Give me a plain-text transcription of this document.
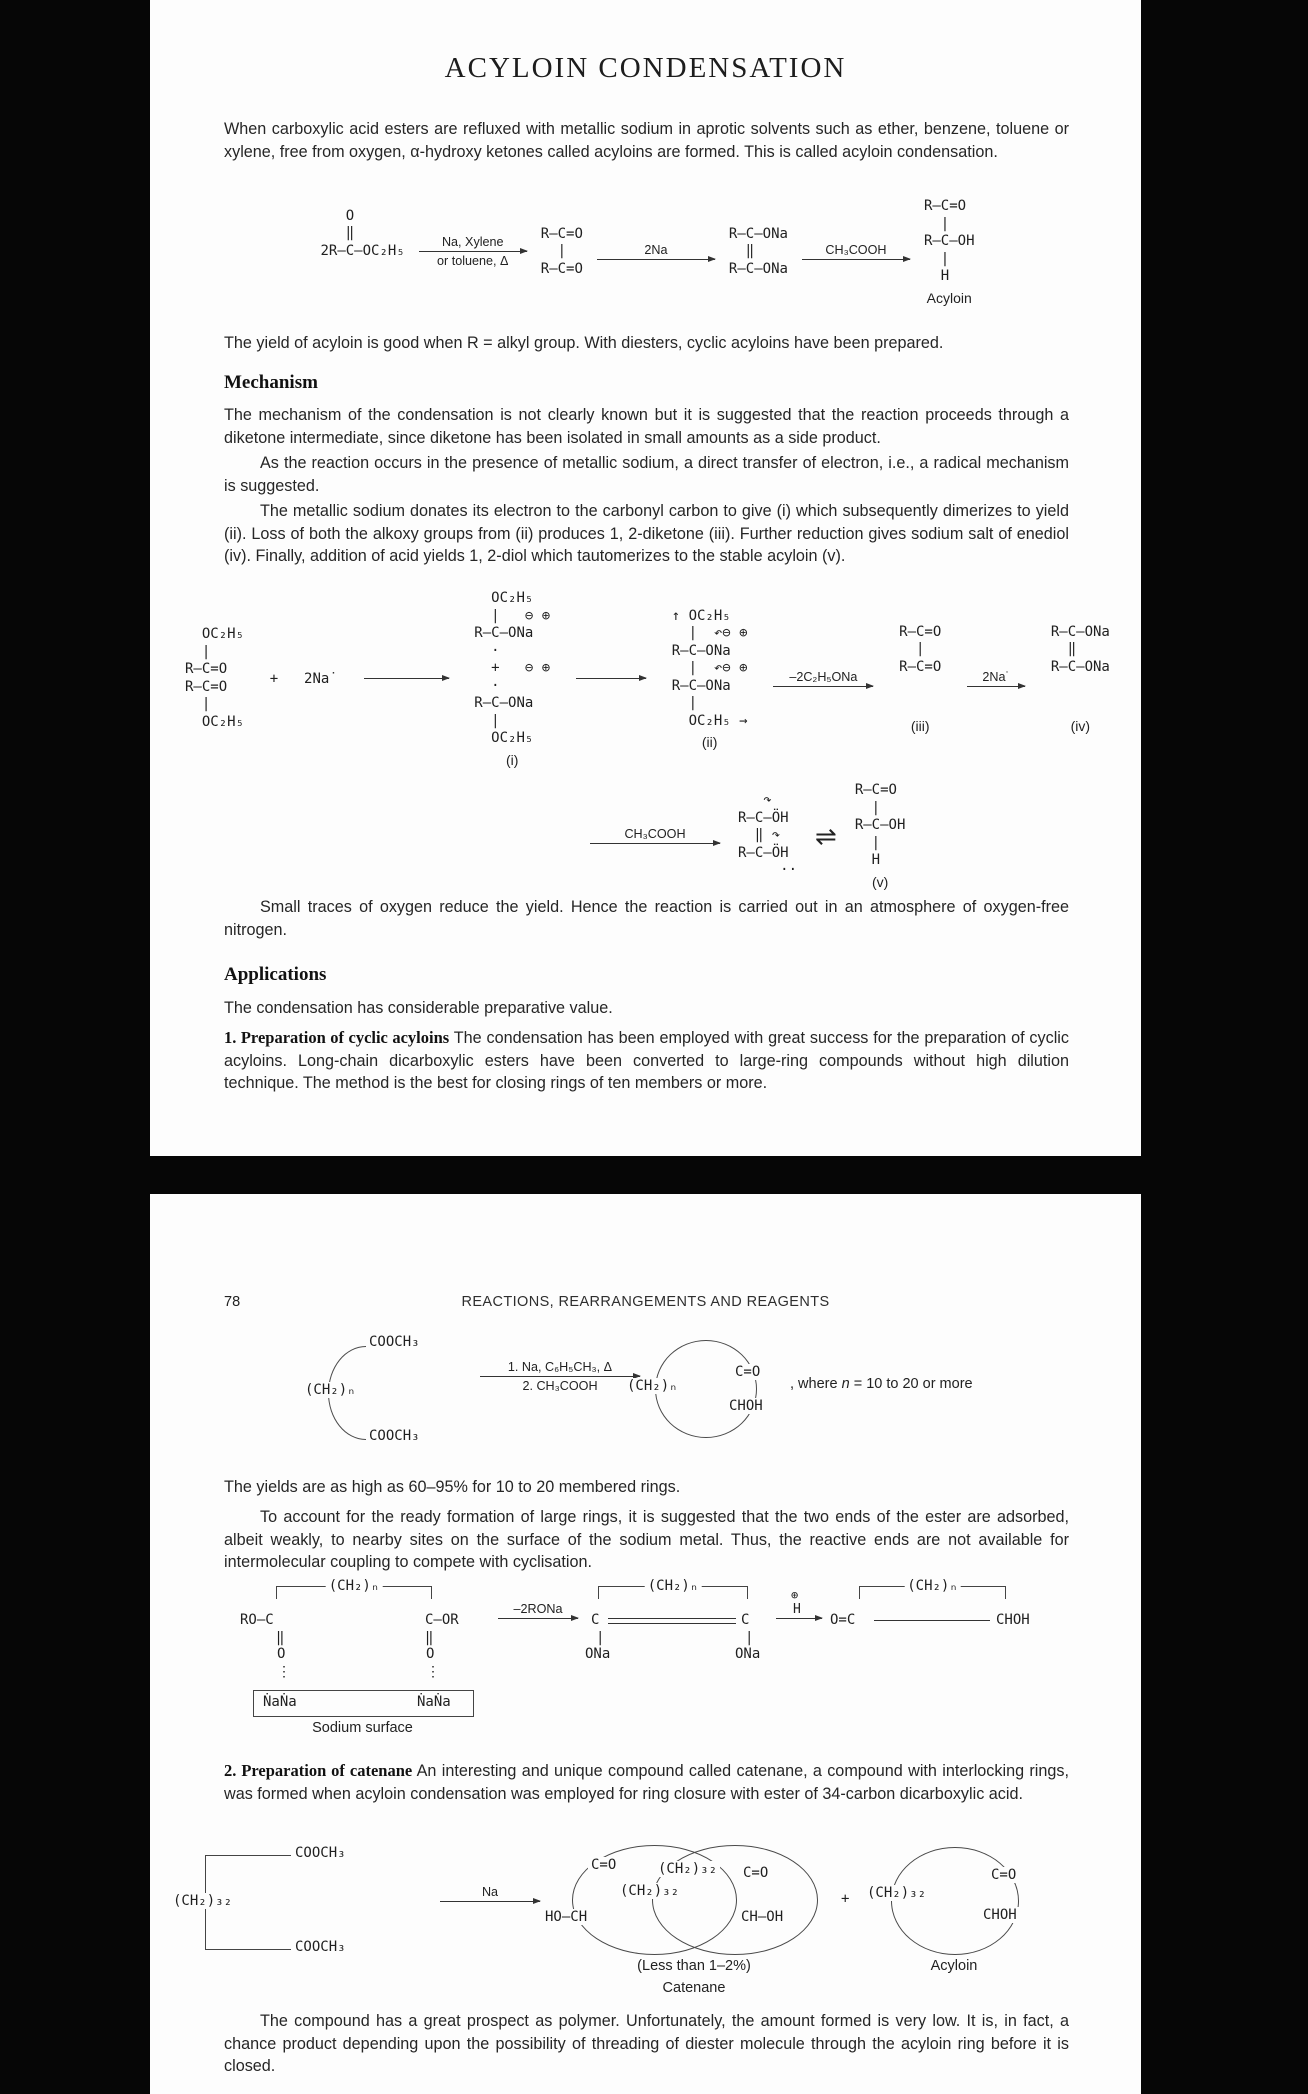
ACYLOIN CONDENSATION
When carboxylic acid esters are refluxed with metallic sodium in aprotic solvents such as ether, benzene, toluene or xylene, free from oxygen, α-hydroxy ketones called acyloins are formed. This is called acyloin condensation.
O
‖
2R—C—OC₂H₅
Na, Xylene
or toluene, Δ
R—C=O
|
R—C=O
2Na
R—C—ONa
‖
R—C—ONa
CH₃COOH
R—C=O
|
R—C—OH
|
H
Acyloin
The yield of acyloin is good when R = alkyl group. With diesters, cyclic acyloins have been prepared.
Mechanism
The mechanism of the condensation is not clearly known but it is suggested that the reaction proceeds through a diketone intermediate, since diketone has been isolated in small amounts as a side product.
As the reaction occurs in the presence of metallic sodium, a direct transfer of electron, i.e., a radical mechanism is suggested.
The metallic sodium donates its electron to the carbonyl carbon to give (i) which subsequently dimerizes to yield (ii). Loss of both the alkoxy groups from (ii) produces 1, 2-diketone (iii). Further reduction gives sodium salt of enediol (iv). Finally, addition of acid yields 1, 2-diol which tautomerizes to the stable acyloin (v).
OC₂H₅
|
R—C=O
R—C=O
|
OC₂H₅
+ 2Na˙
OC₂H₅
|   ⊖ ⊕
R—C—ONa
·
+   ⊖ ⊕
·
R—C—ONa
|
OC₂H₅
(i)
↑ OC₂H₅
|  ↶⊖ ⊕
R—C—ONa
|  ↶⊖ ⊕
R—C—ONa
|
OC₂H₅ →
(ii)
–2C₂H₅ONa
R—C=O
|
R—C=O
(iii)
2Na˙
R—C—ONa
‖
R—C—ONa
(iv)
CH₃COOH
↷
R—C—ÖH
‖ ↷
R—C—ÖH
··
⇌
R—C=O
|
R—C—OH
|
H
(v)
Small traces of oxygen reduce the yield. Hence the reaction is carried out in an atmosphere of oxygen-free nitrogen.
Applications
The condensation has considerable preparative value.
1. Preparation of cyclic acyloins The condensation has been employed with great success for the preparation of cyclic acyloins. Long-chain dicarboxylic esters have been converted to large-ring compounds without high dilution technique. The method is the best for closing rings of ten members or more.
78	REACTIONS, REARRANGEMENTS AND REAGENTS
COOCH₃
COOCH₃
(CH₂)ₙ
1. Na, C₆H₅CH₃, Δ
2. CH₃COOH (CH₂)ₙ
C=O
CHOH
, where n = 10 to 20 or more
The yields are as high as 60–95% for 10 to 20 membered rings.
To account for the ready formation of large rings, it is suggested that the two ends of the ester are adsorbed, albeit weakly, to nearby sites on the surface of the sodium metal. Thus, the reactive ends are not available for intermolecular coupling to compete with cyclisation.
(CH₂)ₙ
RO—C	C—OR
‖
O
⋮
‖
O
⋮
ṄaṄa	ṄaṄa
Sodium surface
–2RONa
(CH₂)ₙ
C	C
|
ONa
|
ONa
⊕
H
(CH₂)ₙ
O=C	CHOH
2. Preparation of catenane An interesting and unique compound called catenane, a compound with interlocking rings, was formed when acyloin condensation was employed for ring closure with ester of 34-carbon dicarboxylic acid.
COOCH₃
COOCH₃
(CH₂)₃₂
Na
C=O	(CH₂)₃₂
(CH₂)₃₂
C=O
HO—CH	CH—OH
(Less than 1–2%)
Catenane
+ (CH₂)₃₂
C=O
CHOH
Acyloin
The compound has a great prospect as polymer. Unfortunately, the amount formed is very low. It is, in fact, a chance product depending upon the possibility of threading of diester molecule through the acyloin ring before it is closed.
